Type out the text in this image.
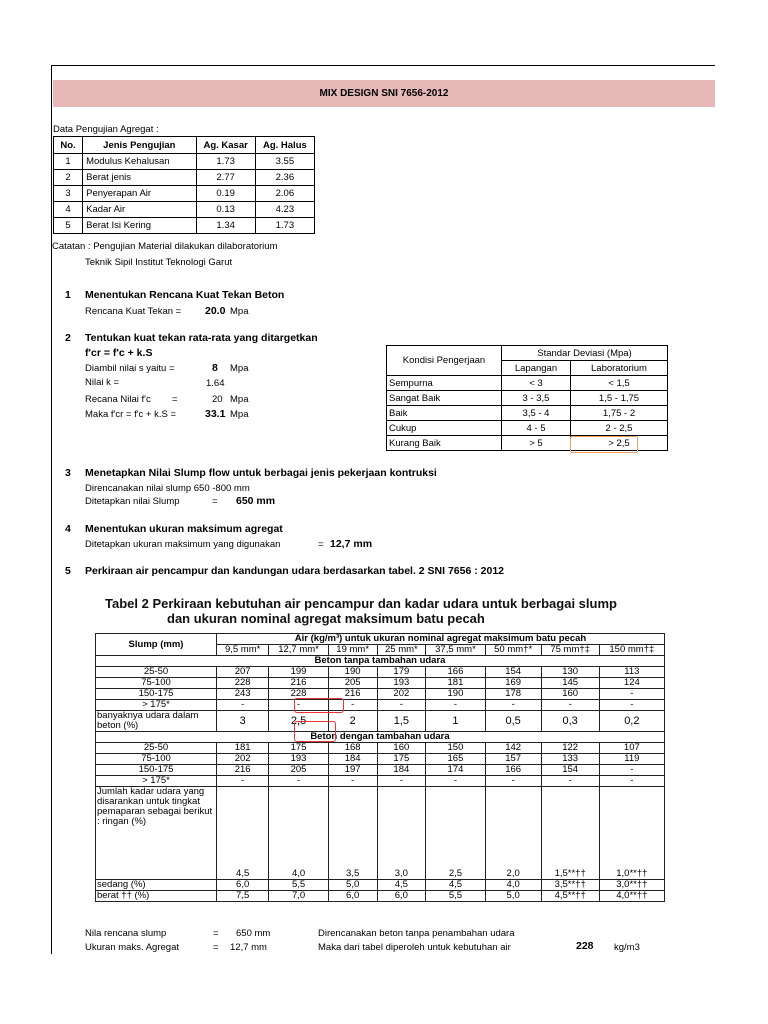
MIX DESIGN SNI 7656-2012
Data Pengujian Agregat :
No.	Jenis Pengujian	Ag. Kasar	Ag. Halus
1	Modulus Kehalusan	1.73	3.55
2	Berat jenis	2.77	2.36
3	Penyerapan Air	0.19	2.06
4	Kadar Air	0.13	4.23
5	Berat Isi Kering	1.34	1.73
Catatan : Pengujian Material dilakukan dilaboratorium
Teknik Sipil Institut Teknologi Garut
1 Menentukan Rencana Kuat Tekan Beton
Rencana Kuat Tekan = 20.0 Mpa
2 Tentukan kuat tekan rata-rata yang ditargetkan
f'cr = f'c + k.S
Diambil nilai s yaitu =	8 Mpa
Nilai k =	1.64
Recana Nilai f'c =	20 Mpa
Maka f'cr = f'c + k.S =	33.1 Mpa
Kondisi Pengerjaan	Standar Deviasi (Mpa)	
	Lapangan	Laboratorium
Sempurna	< 3	< 1,5
Sangat Baik	3 - 3,5	1,5 - 1,75
Baik	3,5 - 4	1,75 - 2
Cukup	4 - 5	2 - 2,5
Kurang Baik	> 5	> 2,5
3 Menetapkan Nilai Slump flow untuk berbagai jenis pekerjaan kontruksi
Direncanakan nilai slump 650 -800 mm
Ditetapkan nilai Slump	= 650 mm
4 Menentukan ukuran maksimum agregat
Ditetapkan ukuran maksimum yang digunakan	= 12,7 mm
5 Perkiraan air pencampur dan kandungan udara berdasarkan tabel. 2 SNI 7656 : 2012
Tabel 2 Perkiraan kebutuhan air pencampur dan kadar udara untuk berbagai slump
dan ukuran nominal agregat maksimum batu pecah
Slump (mm)	Air (kg/m³) untuk ukuran nominal agregat maksimum batu pecah							
	9,5 mm*	12,7 mm*	19 mm*	25 mm*	37,5 mm*	50 mm†*	75 mm†‡	150 mm†‡
Beton tanpa tambahan udara								
25-50	207	199	190	179	166	154	130	113
75-100	228	216	205	193	181	169	145	124
150-175	243	228	216	202	190	178	160	-
> 175*	-	-	-	-	-	-	-	-
banyaknya udara dalam beton (%)	3	2,5	2	1,5	1	0,5	0,3	0,2
Beton dengan tambahan udara								
25-50	181	175	168	160	150	142	122	107
75-100	202	193	184	175	165	157	133	119
150-175	216	205	197	184	174	166	154	-
> 175*	-	-	-	-	-	-	-	-
Jumlah kadar udara yang disarankan untuk tingkat pemaparan sebagai berikut : ringan (%)	4,5	4,0	3,5	3,0	2,5	2,0	1,5**††	1,0**††
sedang (%)	6,0	5,5	5,0	4,5	4,5	4,0	3,5**††	3,0**††
berat †† (%)	7,5	7,0	6,0	6,0	5,5	5,0	4,5**††	4,0**††
Nila rencana slump	= 650 mm
Ukuran maks. Agregat	= 12,7 mm
Direncanakan beton tanpa penambahan udara
Maka dari tabel diperoleh untuk kebutuhan air	228 kg/m3
